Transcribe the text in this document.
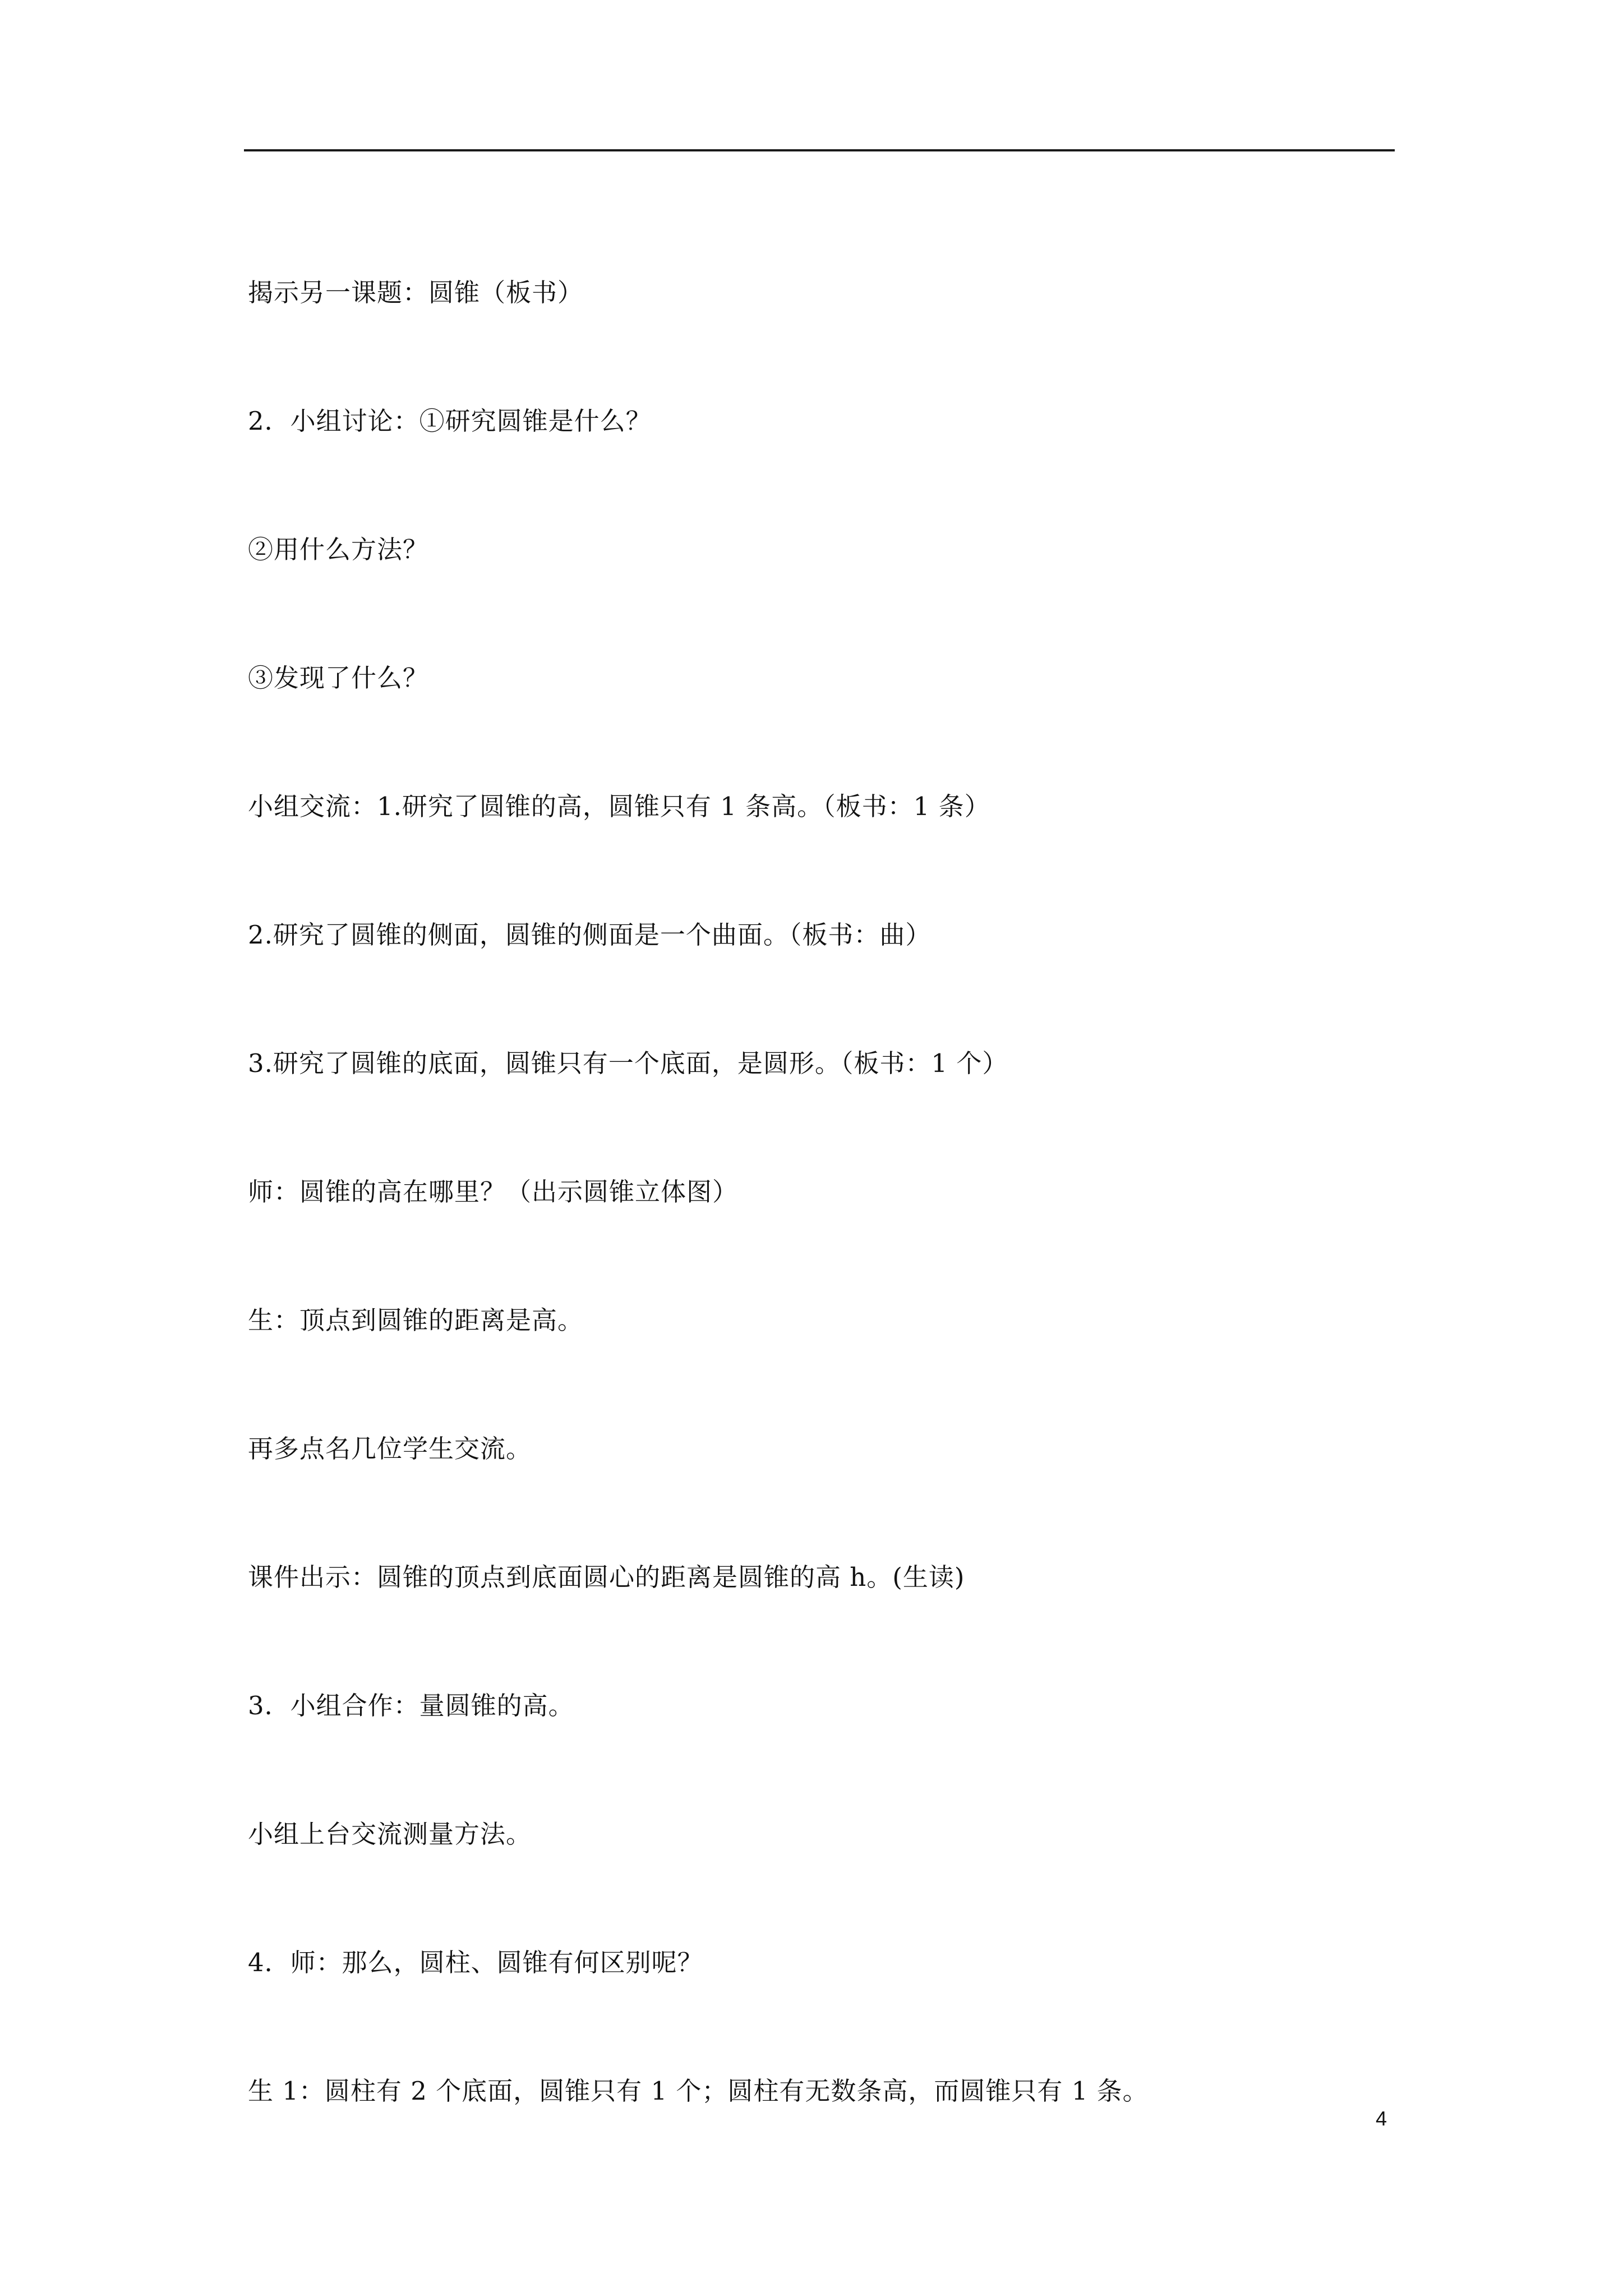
揭示另一课题：圆锥（板书）
2．小组讨论：①研究圆锥是什么？
②用什么方法？
③发现了什么？
小组交流：1.研究了圆锥的高，圆锥只有 1 条高。（板书：1 条）
2.研究了圆锥的侧面，圆锥的侧面是一个曲面。（板书：曲）
3.研究了圆锥的底面，圆锥只有一个底面，是圆形。（板书：1 个）
师：圆锥的高在哪里？（出示圆锥立体图）
生：顶点到圆锥的距离是高。
再多点名几位学生交流。
课件出示：圆锥的顶点到底面圆心的距离是圆锥的高 h。(生读)
3．小组合作：量圆锥的高。
小组上台交流测量方法。
4．师：那么，圆柱、圆锥有何区别呢？
生 1：圆柱有 2 个底面，圆锥只有 1 个；圆柱有无数条高，而圆锥只有 1 条。
4
